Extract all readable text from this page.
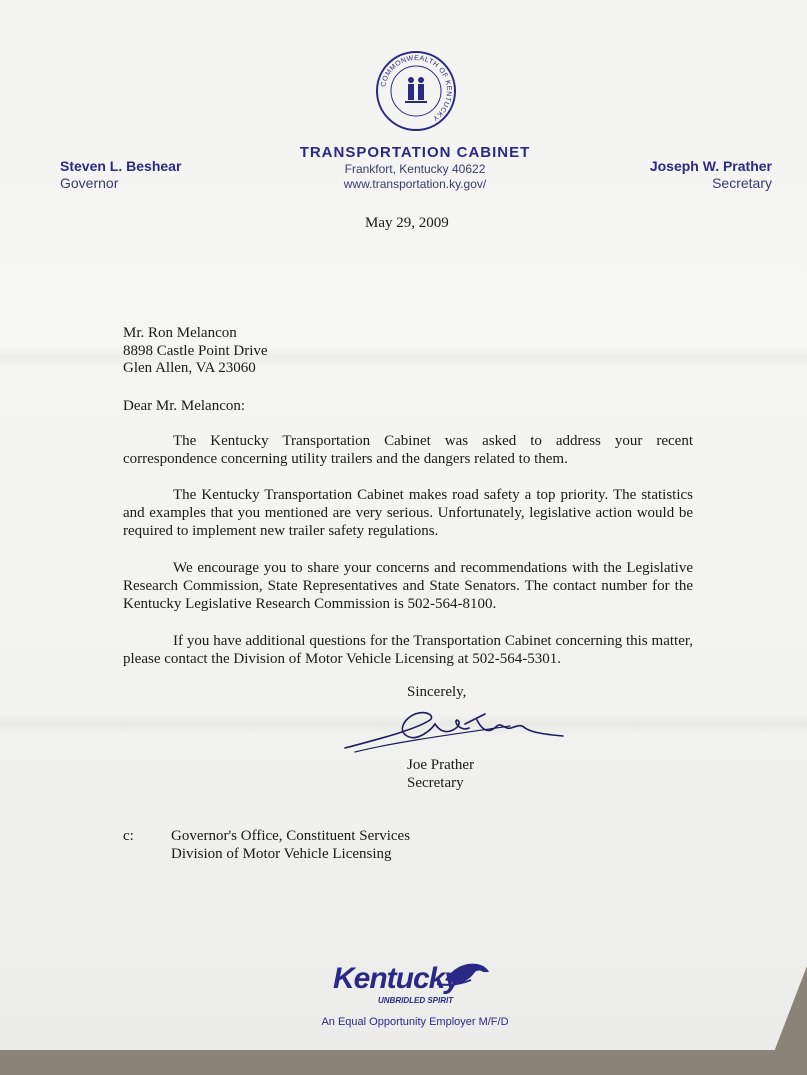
COMMONWEALTH OF KENTUCKY
TRANSPORTATION CABINET
Frankfort, Kentucky 40622
www.transportation.ky.gov/
Steven L. Beshear
Governor
Joseph W. Prather
Secretary
May 29, 2009
Mr. Ron Melancon
8898 Castle Point Drive
Glen Allen, VA 23060
Dear Mr. Melancon:
The Kentucky Transportation Cabinet was asked to address your recent correspondence concerning utility trailers and the dangers related to them.
The Kentucky Transportation Cabinet makes road safety a top priority. The statistics and examples that you mentioned are very serious. Unfortunately, legislative action would be required to implement new trailer safety regulations.
We encourage you to share your concerns and recommendations with the Legislative Research Commission, State Representatives and State Senators. The contact number for the Kentucky Legislative Research Commission is 502-564-8100.
If you have additional questions for the Transportation Cabinet concerning this matter, please contact the Division of Motor Vehicle Licensing at 502-564-5301.
Sincerely,
Joe Prather
Secretary
c: Governor's Office, Constituent Services
Division of Motor Vehicle Licensing
Kentucky
UNBRIDLED SPIRIT
An Equal Opportunity Employer M/F/D
